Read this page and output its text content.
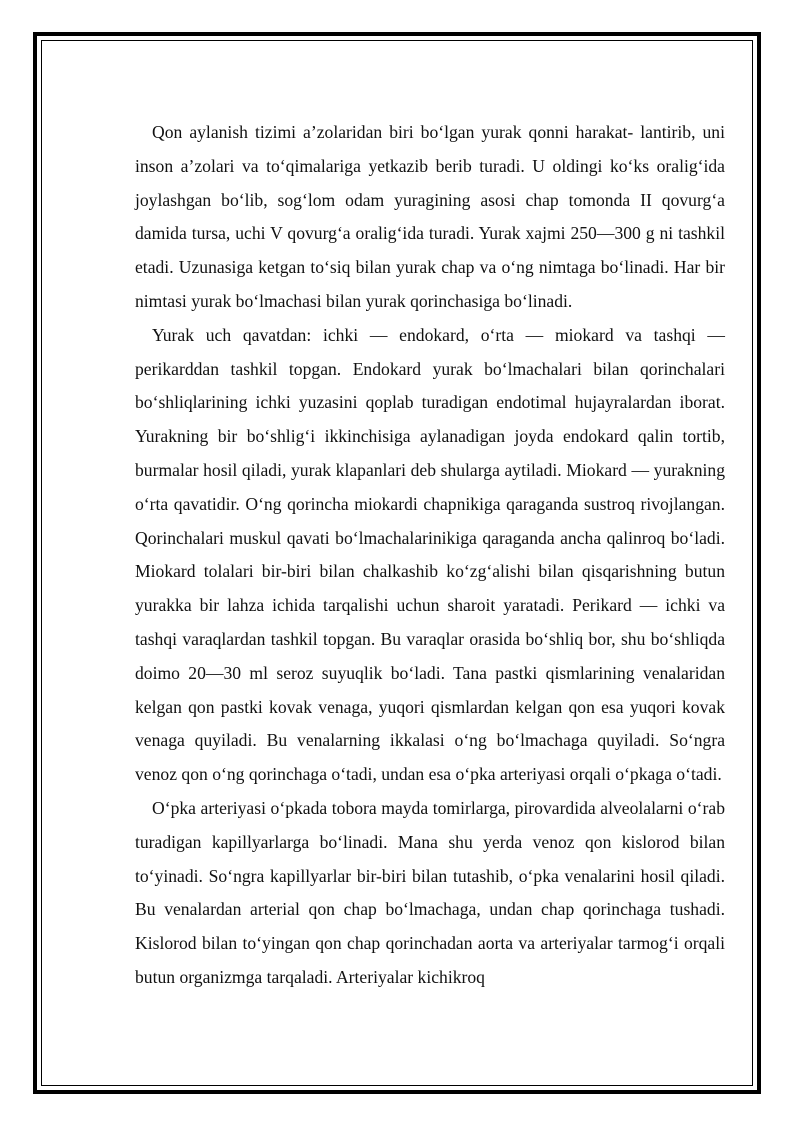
Qon aylanish tizimi a’zolaridan biri bo‘lgan yurak qonni harakat- lantirib, uni inson a’zolari va to‘qimalariga yetkazib berib turadi. U oldingi ko‘ks oralig‘ida joylashgan bo‘lib, sog‘lom odam yuragining asosi chap tomonda II qovurg‘a damida tursa, uchi V qovurg‘a oralig‘ida turadi. Yurak xajmi 250—300 g ni tashkil etadi. Uzunasiga ketgan to‘siq bilan yurak chap va o‘ng nimtaga bo‘linadi. Har bir nimtasi yurak bo‘lmachasi bilan yurak qorinchasiga bo‘linadi.

Yurak uch qavatdan: ichki — endokard, o‘rta — miokard va tashqi — perikarddan tashkil topgan. Endokard yurak bo‘lmachalari bilan qorinchalari bo‘shliqlarining ichki yuzasini qoplab turadigan endotimal hujayralardan iborat. Yurakning bir bo‘shlig‘i ikkinchisiga aylanadigan joyda endokard qalin tortib, burmalar hosil qiladi, yurak klapanlari deb shularga aytiladi. Miokard — yurakning o‘rta qavatidir. O‘ng qorincha miokardi chapnikiga qaraganda sustroq rivojlangan. Qorinchalari muskul qavati bo‘lmachalarinikiga qaraganda ancha qalinroq bo‘ladi. Miokard tolalari bir-biri bilan chalkashib ko‘zg‘alishi bilan qisqarishning butun yurakka bir lahza ichida tarqalishi uchun sharoit yaratadi. Perikard — ichki va tashqi varaqlardan tashkil topgan. Bu varaqlar orasida bo‘shliq bor, shu bo‘shliqda doimo 20—30 ml seroz suyuqlik bo‘ladi. Tana pastki qismlarining venalaridan kelgan qon pastki kovak venaga, yuqori qismlardan kelgan qon esa yuqori kovak venaga quyiladi. Bu venalarning ikkalasi o‘ng bo‘lmachaga quyiladi. So‘ngra venoz qon o‘ng qorinchaga o‘tadi, undan esa o‘pka arteriyasi orqali o‘pkaga o‘tadi.

O‘pka arteriyasi o‘pkada tobora mayda tomirlarga, pirovardida alveolalarni o‘rab turadigan kapillyarlarga bo‘linadi. Mana shu yerda venoz qon kislorod bilan to‘yinadi. So‘ngra kapillyarlar bir-biri bilan tutashib, o‘pka venalarini hosil qiladi. Bu venalardan arterial qon chap bo‘lmachaga, undan chap qorinchaga tushadi. Kislorod bilan to‘yingan qon chap qorinchadan aorta va arteriyalar tarmog‘i orqali butun organizmga tarqaladi. Arteriyalar kichikroq
